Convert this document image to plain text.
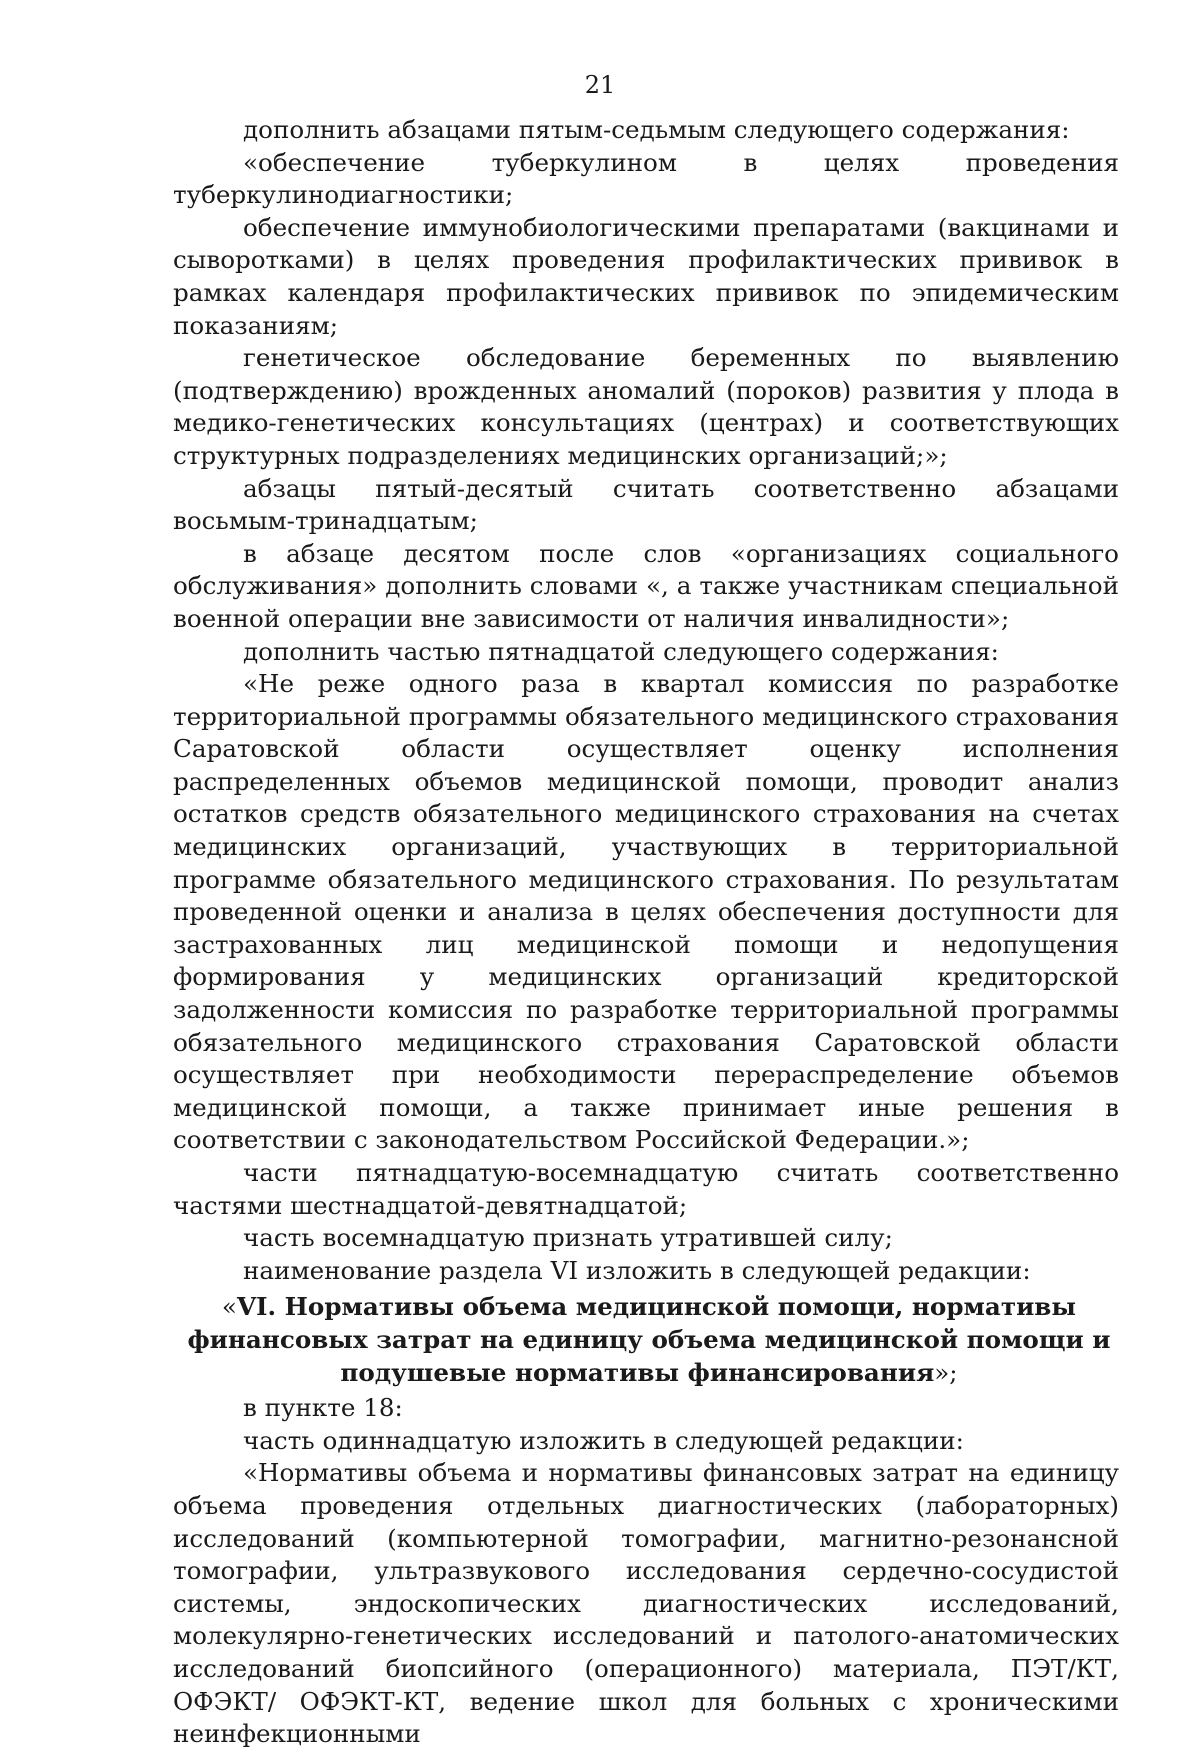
21

дополнить абзацами пятым-седьмым следующего содержания:

«обеспечение туберкулином в целях проведения туберкулинодиагностики;

обеспечение иммунобиологическими препаратами (вакцинами и сыворотками) в целях проведения профилактических прививок в рамках календаря профилактических прививок по эпидемическим показаниям;

генетическое обследование беременных по выявлению (подтверждению) врожденных аномалий (пороков) развития у плода в медико-генетических консультациях (центрах) и соответствующих структурных подразделениях медицинских организаций;»;

абзацы пятый-десятый считать соответственно абзацами восьмым-тринадцатым;

в абзаце десятом после слов «организациях социального обслуживания» дополнить словами «, а также участникам специальной военной операции вне зависимости от наличия инвалидности»;

дополнить частью пятнадцатой следующего содержания:

«Не реже одного раза в квартал комиссия по разработке территориальной программы обязательного медицинского страхования Саратовской области осуществляет оценку исполнения распределенных объемов медицинской помощи, проводит анализ остатков средств обязательного медицинского страхования на счетах медицинских организаций, участвующих в территориальной программе обязательного медицинского страхования. По результатам проведенной оценки и анализа в целях обеспечения доступности для застрахованных лиц медицинской помощи и недопущения формирования у медицинских организаций кредиторской задолженности комиссия по разработке территориальной программы обязательного медицинского страхования Саратовской области осуществляет при необходимости перераспределение объемов медицинской помощи, а также принимает иные решения в соответствии с законодательством Российской Федерации.»;

части пятнадцатую-восемнадцатую считать соответственно частями шестнадцатой-девятнадцатой;

часть восемнадцатую признать утратившей силу;

наименование раздела VI изложить в следующей редакции:

«VI. Нормативы объема медицинской помощи, нормативы финансовых затрат на единицу объема медицинской помощи и подушевые нормативы финансирования»;

в пункте 18:

часть одиннадцатую изложить в следующей редакции:

«Нормативы объема и нормативы финансовых затрат на единицу объема проведения отдельных диагностических (лабораторных) исследований (компьютерной томографии, магнитно-резонансной томографии, ультразвукового исследования сердечно-сосудистой системы, эндоскопических диагностических исследований, молекулярно-генетических исследований и патолого-анатомических исследований биопсийного (операционного) материала, ПЭТ/КТ, ОФЭКТ/ ОФЭКТ-КТ, ведение школ для больных с хроническими неинфекционными
